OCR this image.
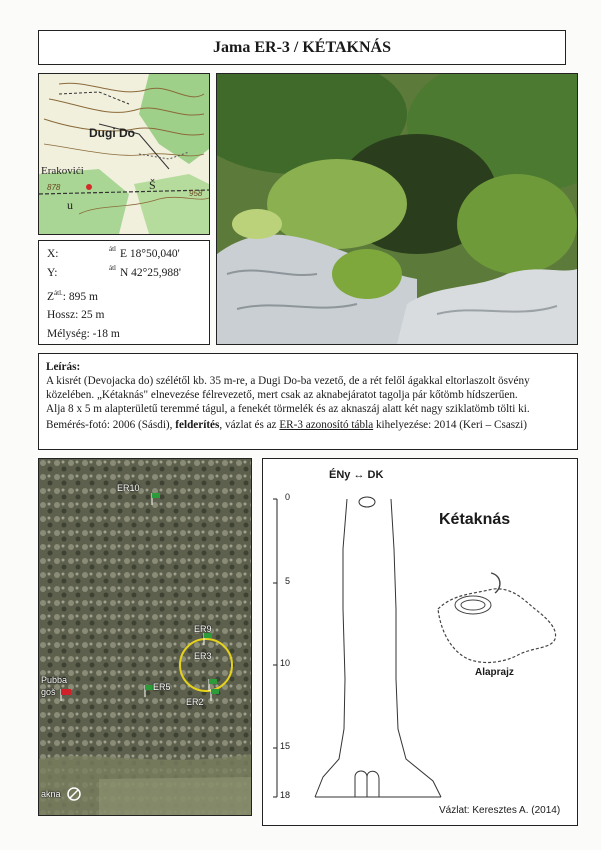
Jama ER-3 / KÉTAKNÁS
Dugi Do
Erakovići
878
958
u
Š
X:	átl E 18°50,040'
Y:	átl N 42°25,988'
$Z^{átl.}$: 895 m
Hossz: 25 m
Mélység: -18 m

Leírás:

A kisrét (Devojacka do) szélétől kb. 35 m-re, a Dugi Do-ba vezető, de a rét felől ágakkal eltorlaszolt ösvény közelében. „Kétaknás" elnevezése félrevezető, mert csak az aknabejáratot tagolja pár kőtömb hídszerűen.

Alja 8 x 5 m alapterületű teremmé tágul, a fenekét törmelék és az aknaszáj alatt két nagy sziklatömb tölti ki.

Bemérés-fotó: 2006 (Sásdi), felderítés, vázlat és az ER-3 azonosító tábla kihelyezése: 2014 (Keri – Csaszi)

ER10
ER9
ER3
ER5
ER2
Pubba
goš
akna
ÉNy ↔ DK
0
5
10
15
18
Kétaknás
Alaprajz
Vázlat: Keresztes A. (2014)
